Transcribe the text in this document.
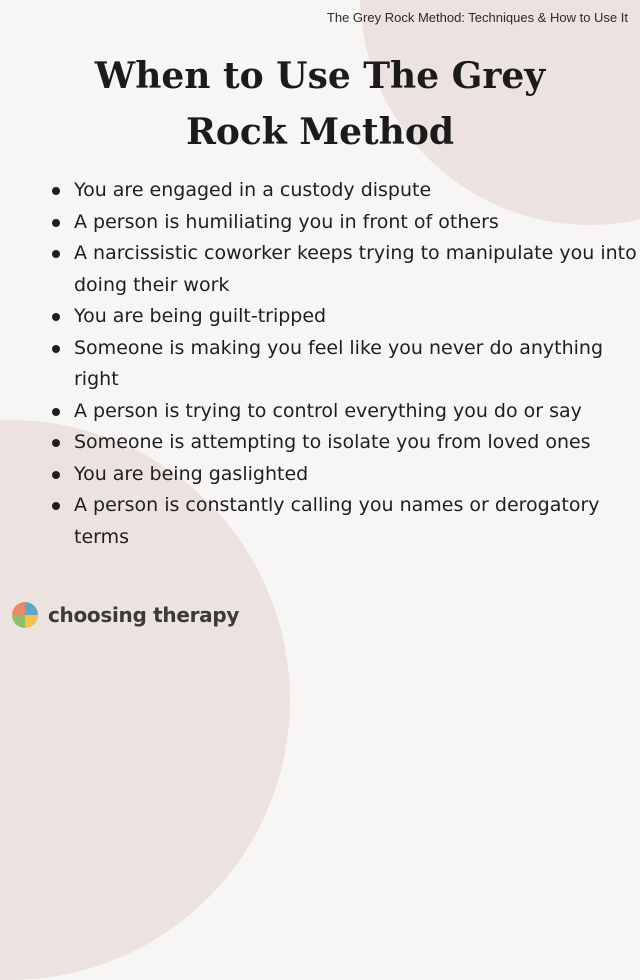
The Grey Rock Method: Techniques & How to Use It
When to Use The Grey
Rock Method
You are engaged in a custody dispute
A person is humiliating you in front of others
A narcissistic coworker keeps trying to manipulate you into doing their work
You are being guilt-tripped
Someone is making you feel like you never do anything right
A person is trying to control everything you do or say
Someone is attempting to isolate you from loved ones
You are being gaslighted
A person is constantly calling you names or derogatory terms
choosing therapy
